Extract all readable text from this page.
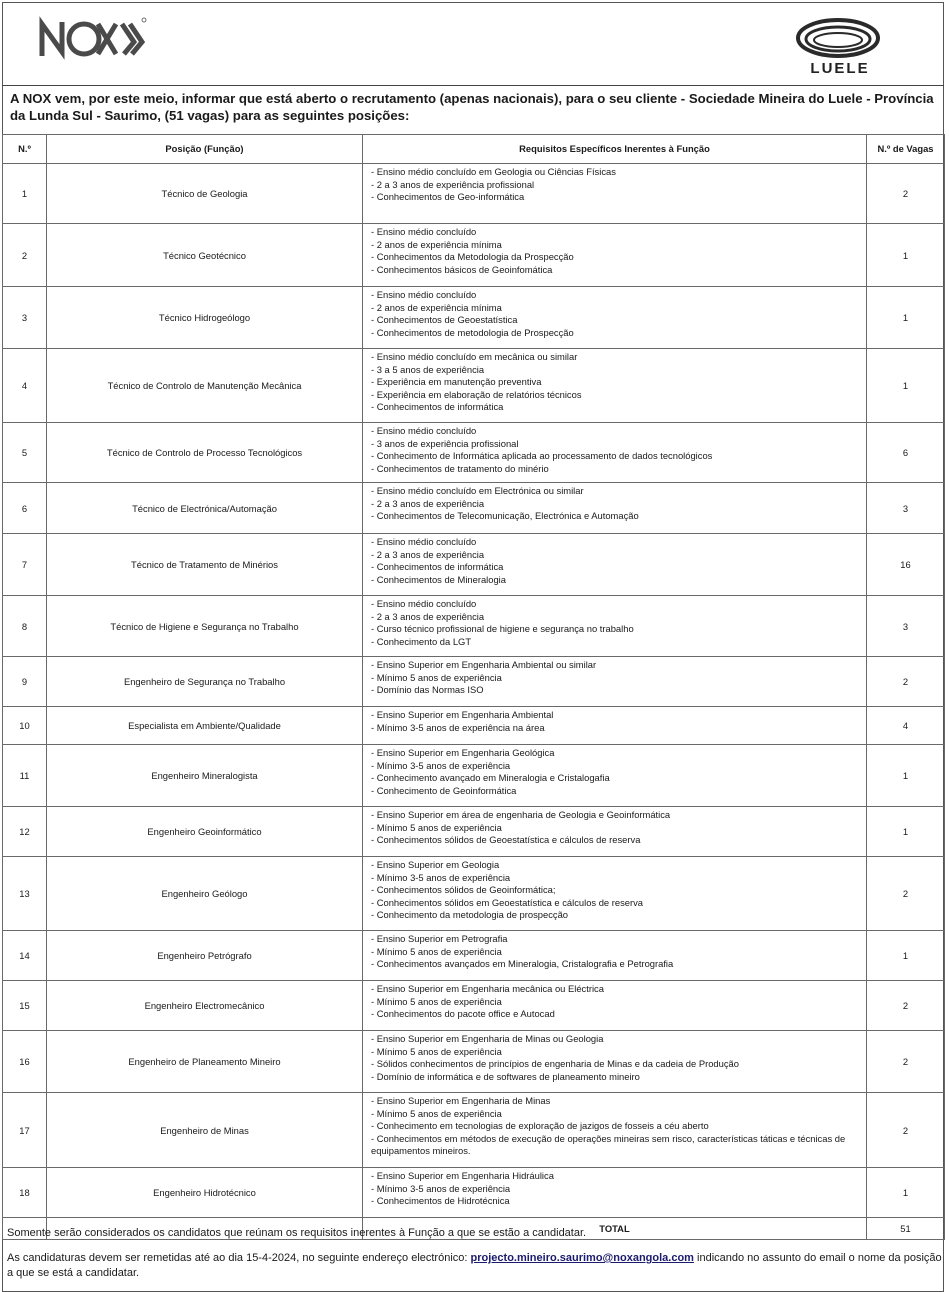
LUELE
A NOX vem, por este meio, informar que está aberto o recrutamento (apenas nacionais), para o seu cliente - Sociedade Mineira do Luele - Província da Lunda Sul - Saurimo, (51 vagas) para as seguintes posições:
N.º	Posição (Função)	Requisitos Específicos Inerentes à Função	N.º de Vagas
1	Técnico de Geologia	- Ensino médio concluído em Geologia ou Ciências Físicas
- 2 a 3 anos de experiência profissional
- Conhecimentos de Geo-informática	2
2	Técnico Geotécnico	- Ensino médio concluído
- 2 anos de experiência mínima
- Conhecimentos da Metodologia da Prospecção
- Conhecimentos básicos de Geoinfomática	1
3	Técnico Hidrogeólogo	- Ensino médio concluído
- 2 anos de experiência mínima
- Conhecimentos de Geoestatística
- Conhecimentos de metodologia de Prospecção	1
4	Técnico de Controlo de Manutenção Mecânica	- Ensino médio concluído em mecânica ou similar
- 3 a 5 anos de experiência
- Experiência em manutenção preventiva
- Experiência em elaboração de relatórios técnicos
- Conhecimentos de informática	1
5	Técnico de Controlo de Processo Tecnológicos	- Ensino médio concluído
- 3 anos de experiência profissional
- Conhecimento de Informática aplicada ao processamento de dados tecnológicos
- Conhecimentos de tratamento do minério	6
6	Técnico de Electrónica/Automação	- Ensino médio concluído em Electrónica ou similar
- 2 a 3 anos de experiência
- Conhecimentos de Telecomunicação, Electrónica e Automação	3
7	Técnico de Tratamento de Minérios	- Ensino médio concluído
- 2 a 3 anos de experiência
- Conhecimentos de informática
- Conhecimentos de Mineralogia	16
8	Técnico de Higiene e Segurança no Trabalho	- Ensino médio concluído
- 2 a 3 anos de experiência
- Curso técnico profissional de higiene e segurança no trabalho
- Conhecimento da LGT	3
9	Engenheiro de Segurança no Trabalho	- Ensino Superior em Engenharia Ambiental ou similar
- Mínimo 5 anos de experiência
- Domínio das Normas ISO	2
10	Especialista em Ambiente/Qualidade	- Ensino Superior em Engenharia Ambiental
- Mínimo 3-5 anos de experiência na área	4
11	Engenheiro Mineralogista	- Ensino Superior em Engenharia Geológica
- Mínimo 3-5 anos de experiência
- Conhecimento avançado em Mineralogia e Cristalogafia
- Conhecimento de Geoinformática	1
12	Engenheiro Geoinformático	- Ensino Superior em área de engenharia de Geologia e Geoinformática
- Mínimo 5 anos de experiência
- Conhecimentos sólidos de Geoestatística e cálculos de reserva	1
13	Engenheiro Geólogo	- Ensino Superior em Geologia
- Mínimo 3-5 anos de experiência
- Conhecimentos sólidos de Geoinformática;
- Conhecimentos sólidos em Geoestatística e cálculos de reserva
- Conhecimento da metodologia de prospecção	2
14	Engenheiro Petrógrafo	- Ensino Superior em Petrografia
- Mínimo 5 anos de experiência
- Conhecimentos avançados em Mineralogia, Cristalografia e Petrografia	1
15	Engenheiro Electromecânico	- Ensino Superior em Engenharia mecânica ou Eléctrica
- Mínimo 5 anos de experiência
- Conhecimentos do pacote office e Autocad	2
16	Engenheiro de Planeamento Mineiro	- Ensino Superior em Engenharia de Minas ou Geologia
- Mínimo 5 anos de experiência
- Sólidos conhecimentos de princípios de engenharia de Minas e da cadeia de Produção
- Domínio de informática e de softwares de planeamento mineiro	2
17	Engenheiro de Minas	- Ensino Superior em Engenharia de Minas
- Mínimo 5 anos de experiência
- Conhecimento em tecnologias de exploração de jazigos de fosseis a céu aberto
- Conhecimentos em métodos de execução de operações mineiras sem risco, características táticas e técnicas de equipamentos mineiros.	2
18	Engenheiro Hidrotécnico	- Ensino Superior em Engenharia Hidráulica
- Mínimo 3-5 anos de experiência
- Conhecimentos de Hidrotécnica	1
		TOTAL	51

Somente serão considerados os candidatos que reúnam os requisitos inerentes à Função a que se estão a candidatar.

As candidaturas devem ser remetidas até ao dia 15-4-2024, no seguinte endereço electrónico: projecto.mineiro.saurimo@noxangola.com indicando no assunto do email o nome da posição a que se está a candidatar.
